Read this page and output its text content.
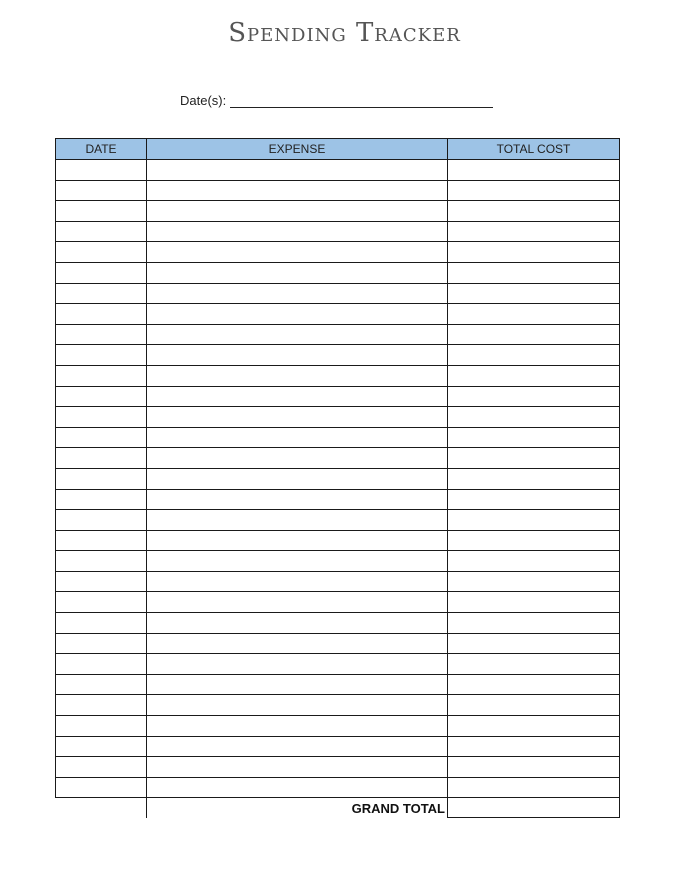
Spending Tracker
Date(s):
DATE	EXPENSE	TOTAL COST

	GRAND TOTAL	
